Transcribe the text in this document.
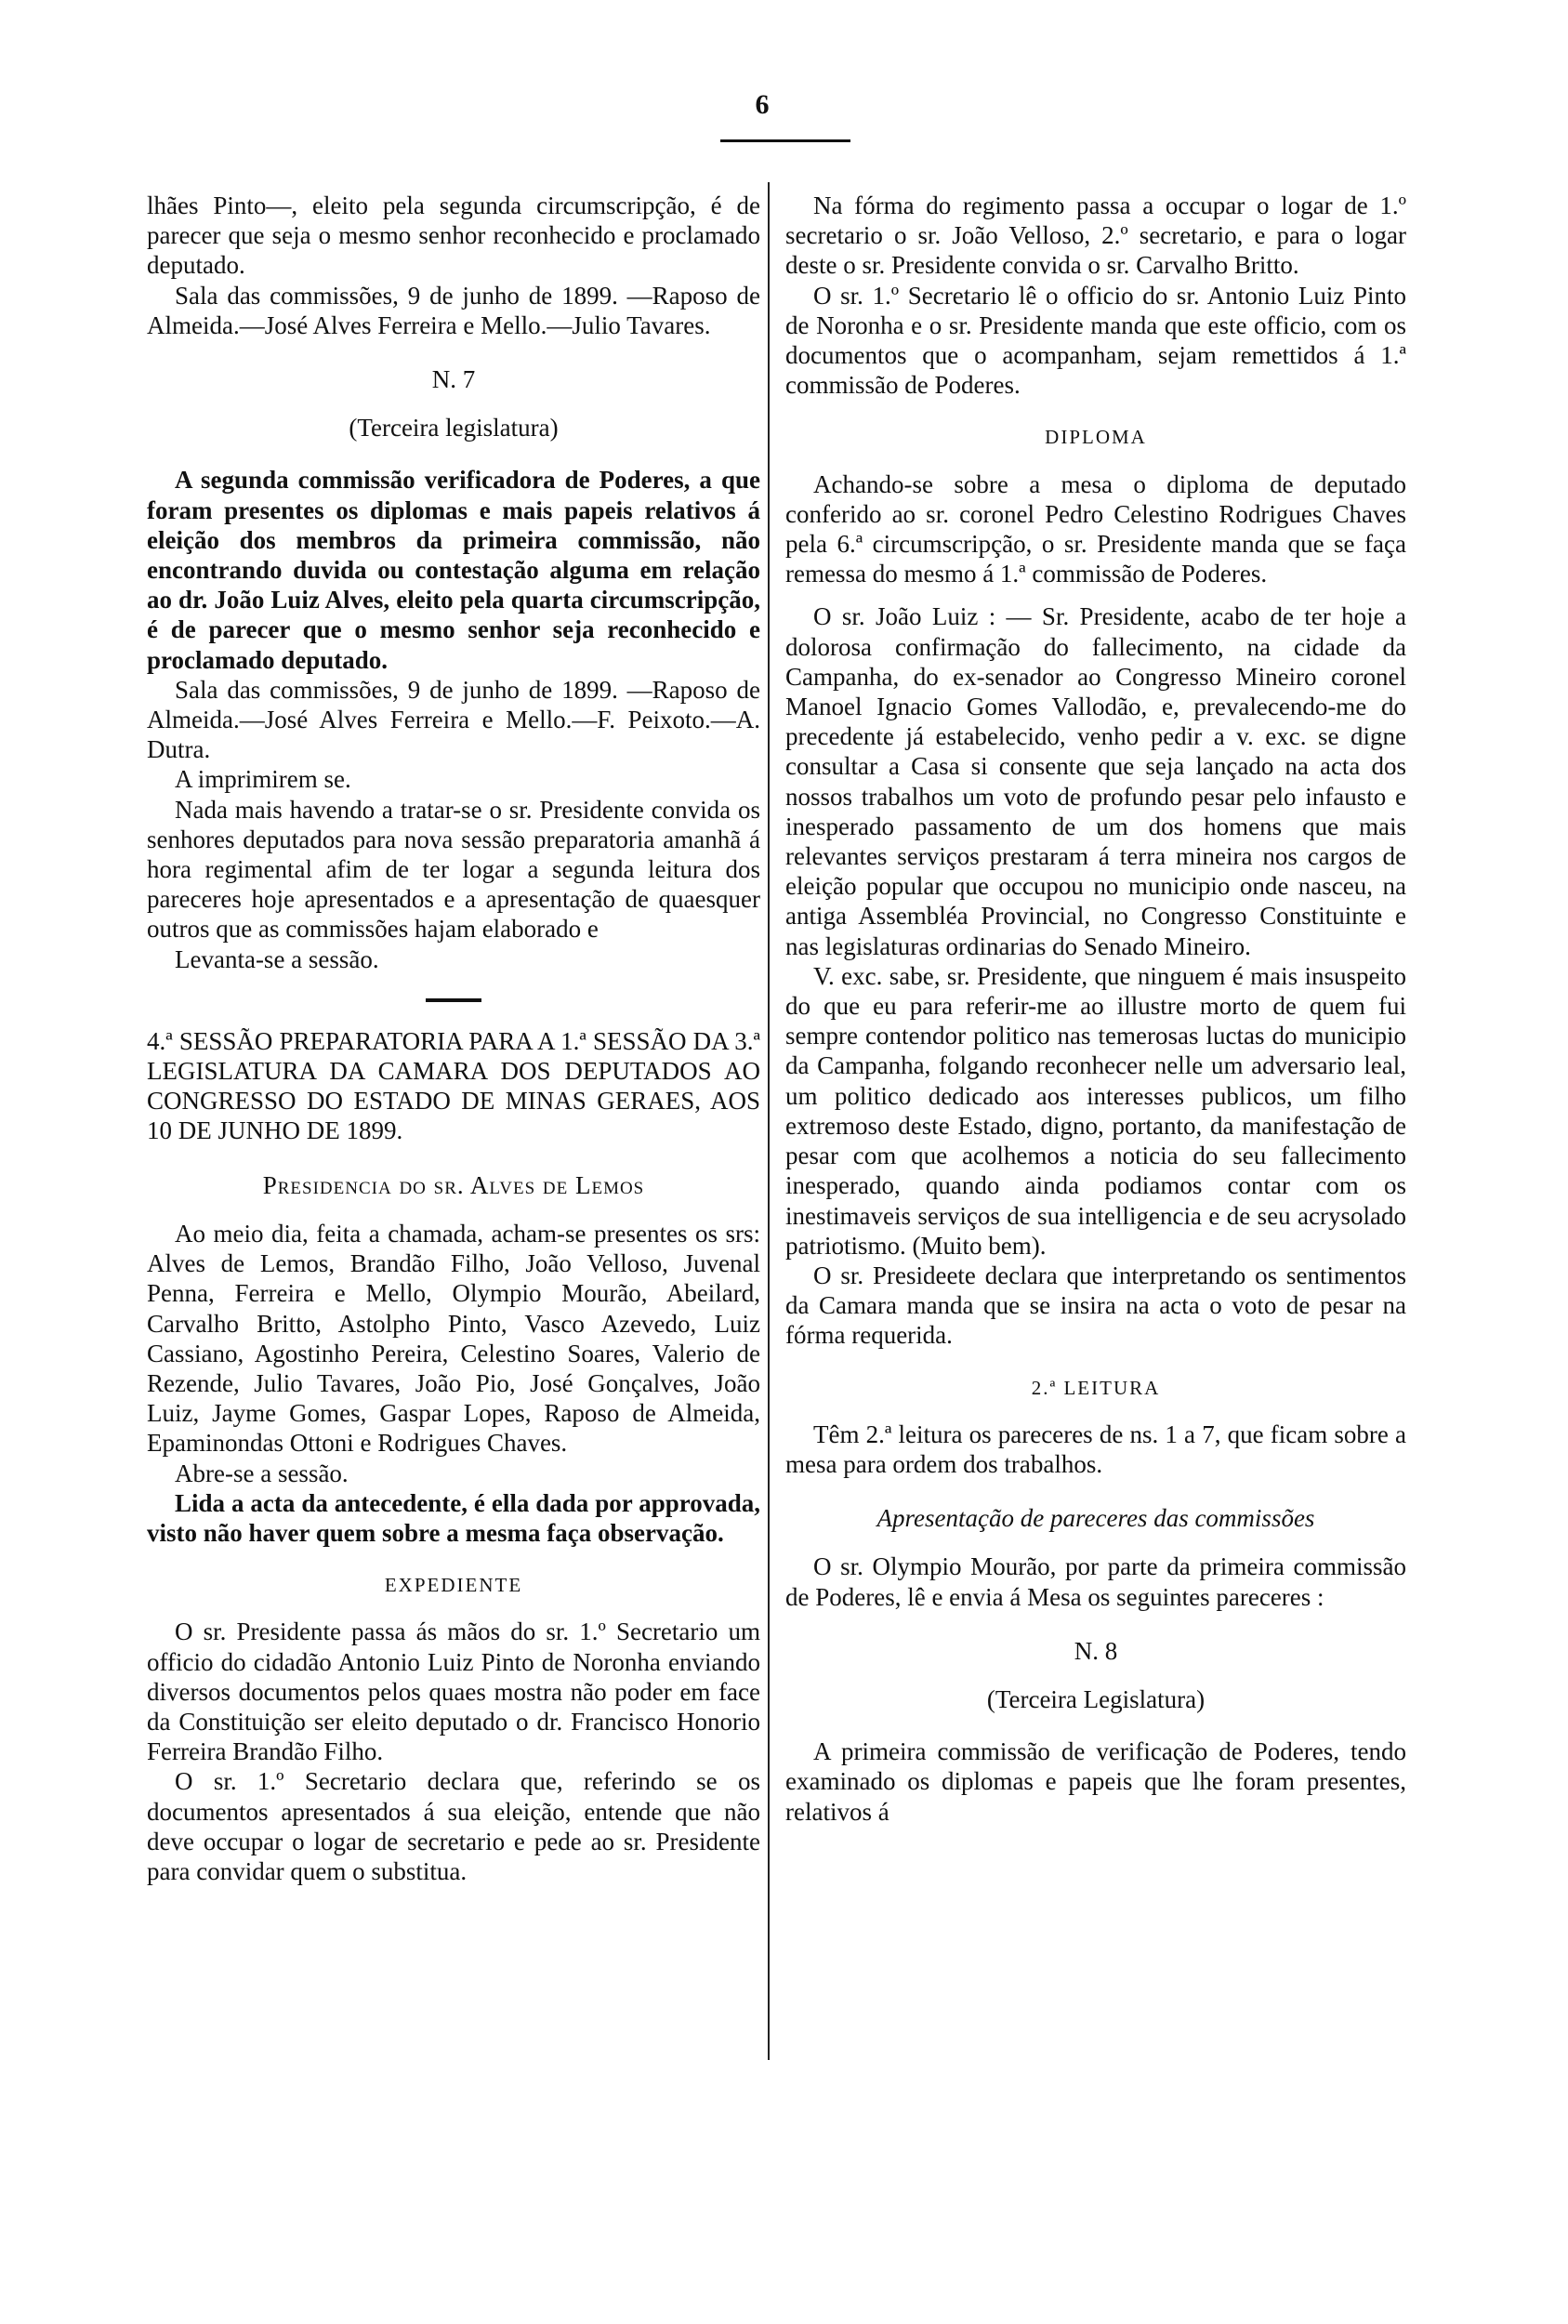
6

lhães Pinto—, eleito pela segunda circumscripção, é de parecer que seja o mesmo senhor reconhecido e proclamado deputado.

Sala das commissões, 9 de junho de 1899. —Raposo de Almeida.—José Alves Ferreira e Mello.—Julio Tavares.

N. 7

(Terceira legislatura)

A segunda commissão verificadora de Poderes, a que foram presentes os diplomas e mais papeis relativos á eleição dos membros da primeira commissão, não encontrando duvida ou contestação alguma em relação ao dr. João Luiz Alves, eleito pela quarta circumscripção, é de parecer que o mesmo senhor seja reconhecido e proclamado deputado.

Sala das commissões, 9 de junho de 1899. —Raposo de Almeida.—José Alves Ferreira e Mello.—F. Peixoto.—A. Dutra.

A imprimirem se.

Nada mais havendo a tratar-se o sr. Presidente convida os senhores deputados para nova sessão preparatoria amanhã á hora regimental afim de ter logar a segunda leitura dos pareceres hoje apresentados e a apresentação de quaesquer outros que as commissões hajam elaborado e

Levanta-se a sessão.

4.ª SESSÃO PREPARATORIA PARA A 1.ª SESSÃO DA 3.ª LEGISLATURA DA CAMARA DOS DEPUTADOS AO CONGRESSO DO ESTADO DE MINAS GERAES, AOS 10 DE JUNHO DE 1899.

Presidencia do sr. Alves de Lemos

Ao meio dia, feita a chamada, acham-se presentes os srs: Alves de Lemos, Brandão Filho, João Velloso, Juvenal Penna, Ferreira e Mello, Olympio Mourão, Abeilard, Carvalho Britto, Astolpho Pinto, Vasco Azevedo, Luiz Cassiano, Agostinho Pereira, Celestino Soares, Valerio de Rezende, Julio Tavares, João Pio, José Gonçalves, João Luiz, Jayme Gomes, Gaspar Lopes, Raposo de Almeida, Epaminondas Ottoni e Rodrigues Chaves.

Abre-se a sessão.

Lida a acta da antecedente, é ella dada por approvada, visto não haver quem sobre a mesma faça observação.

EXPEDIENTE

O sr. Presidente passa ás mãos do sr. 1.º Secretario um officio do cidadão Antonio Luiz Pinto de Noronha enviando diversos documentos pelos quaes mostra não poder em face da Constituição ser eleito deputado o dr. Francisco Honorio Ferreira Brandão Filho.

O sr. 1.º Secretario declara que, referindo se os documentos apresentados á sua eleição, entende que não deve occupar o logar de secretario e pede ao sr. Presidente para convidar quem o substitua.

Na fórma do regimento passa a occupar o logar de 1.º secretario o sr. João Velloso, 2.º secretario, e para o logar deste o sr. Presidente convida o sr. Carvalho Britto.

O sr. 1.º Secretario lê o officio do sr. Antonio Luiz Pinto de Noronha e o sr. Presidente manda que este officio, com os documentos que o acompanham, sejam remettidos á 1.ª commissão de Poderes.

DIPLOMA

Achando-se sobre a mesa o diploma de deputado conferido ao sr. coronel Pedro Celestino Rodrigues Chaves pela 6.ª circumscripção, o sr. Presidente manda que se faça remessa do mesmo á 1.ª commissão de Poderes.

O sr. João Luiz : — Sr. Presidente, acabo de ter hoje a dolorosa confirmação do fallecimento, na cidade da Campanha, do ex-senador ao Congresso Mineiro coronel Manoel Ignacio Gomes Vallodão, e, prevalecendo-me do precedente já estabelecido, venho pedir a v. exc. se digne consultar a Casa si consente que seja lançado na acta dos nossos trabalhos um voto de profundo pesar pelo infausto e inesperado passamento de um dos homens que mais relevantes serviços prestaram á terra mineira nos cargos de eleição popular que occupou no municipio onde nasceu, na antiga Assembléa Provincial, no Congresso Constituinte e nas legislaturas ordinarias do Senado Mineiro.

V. exc. sabe, sr. Presidente, que ninguem é mais insuspeito do que eu para referir-me ao illustre morto de quem fui sempre contendor politico nas temerosas luctas do municipio da Campanha, folgando reconhecer nelle um adversario leal, um politico dedicado aos interesses publicos, um filho extremoso deste Estado, digno, portanto, da manifestação de pesar com que acolhemos a noticia do seu fallecimento inesperado, quando ainda podiamos contar com os inestimaveis serviços de sua intelligencia e de seu acrysolado patriotismo. (Muito bem).

O sr. Presideete declara que interpretando os sentimentos da Camara manda que se insira na acta o voto de pesar na fórma requerida.

2.ª LEITURA

Têm 2.ª leitura os pareceres de ns. 1 a 7, que ficam sobre a mesa para ordem dos trabalhos.

Apresentação de pareceres das commissões

O sr. Olympio Mourão, por parte da primeira commissão de Poderes, lê e envia á Mesa os seguintes pareceres :

N. 8

(Terceira Legislatura)

A primeira commissão de verificação de Poderes, tendo examinado os diplomas e papeis que lhe foram presentes, relativos á
